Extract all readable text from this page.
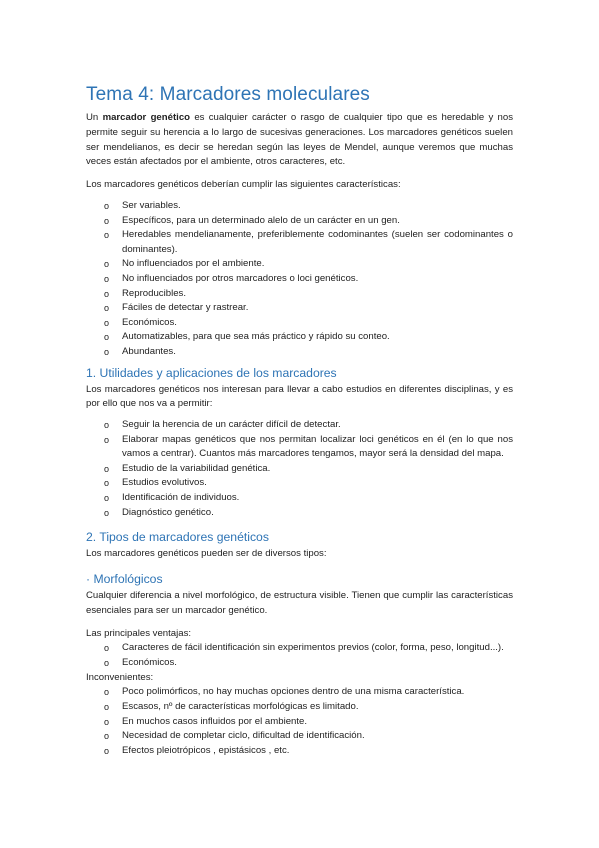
Tema 4: Marcadores moleculares

Un marcador genético es cualquier carácter o rasgo de cualquier tipo que es heredable y nos permite seguir su herencia a lo largo de sucesivas generaciones. Los marcadores genéticos suelen ser mendelianos, es decir se heredan según las leyes de Mendel, aunque veremos que muchas veces están afectados por el ambiente, otros caracteres, etc.

Los marcadores genéticos deberían cumplir las siguientes características:

o Ser variables.
o Específicos, para un determinado alelo de un carácter en un gen.
o Heredables mendelianamente, preferiblemente codominantes (suelen ser codominantes o dominantes).
o No influenciados por el ambiente.
o No influenciados por otros marcadores o loci genéticos.
o Reproducibles.
o Fáciles de detectar y rastrear.
o Económicos.
o Automatizables, para que sea más práctico y rápido su conteo.
o Abundantes.
1. Utilidades y aplicaciones de los marcadores

Los marcadores genéticos nos interesan para llevar a cabo estudios en diferentes disciplinas, y es por ello que nos va a permitir:

o Seguir la herencia de un carácter difícil de detectar.
o Elaborar mapas genéticos que nos permitan localizar loci genéticos en él (en lo que nos vamos a centrar). Cuantos más marcadores tengamos, mayor será la densidad del mapa.
o Estudio de la variabilidad genética.
o Estudios evolutivos.
o Identificación de individuos.
o Diagnóstico genético.
2. Tipos de marcadores genéticos

Los marcadores genéticos pueden ser de diversos tipos:

· Morfológicos

Cualquier diferencia a nivel morfológico, de estructura visible. Tienen que cumplir las características esenciales para ser un marcador genético.

Las principales ventajas:

o Caracteres de fácil identificación sin experimentos previos (color, forma, peso, longitud...).
o Económicos.

Inconvenientes:

o Poco polimórficos, no hay muchas opciones dentro de una misma característica.
o Escasos, nº de características morfológicas es limitado.
o En muchos casos influidos por el ambiente.
o Necesidad de completar ciclo, dificultad de identificación.
o Efectos pleiotrópicos , epistásicos , etc.
